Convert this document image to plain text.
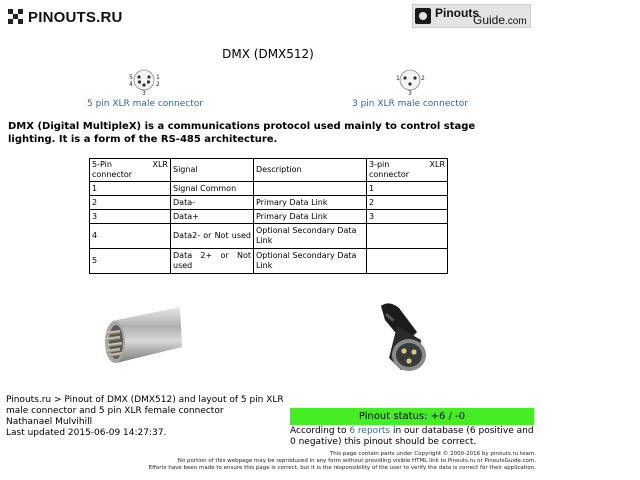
PINOUTS.RU	Pinouts
Guide.com
DMX (DMX512)
5	1
4	2
3
5 pin XLR male connector
1	2
3
3 pin XLR male connector
DMX (Digital MultipleX) is a communications protocol used mainly to control stage lighting. It is a form of the RS-485 architecture.
5-Pin XLR connector	Signal	Description	3-pin XLR connector
1	Signal Common		1
2	Data-	Primary Data Link	2
3	Data+	Primary Data Link	3
4	Data2- or Not used	Optional Secondary Data Link	
5	Data 2+ or Not used	Optional Secondary Data Link	
Pinouts.ru > Pinout of DMX (DMX512) and layout of 5 pin XLR male connector and 5 pin XLR female connector
Nathanael Mulvihill
Last updated 2015-06-09 14:27:37.
Pinout status: +6 / -0
According to 6 reports in our database (6 positive and 0 negative) this pinout should be correct.
This page contain parts under Copyright © 2000-2016 by pinouts.ru team.
No portion of this webpage may be reproduced in any form without providing visible HTML link to Pinouts.ru or PinoutsGuide.com.
Efforts have been made to ensure this page is correct, but it is the responsibility of the user to verify the data is correct for their application.
